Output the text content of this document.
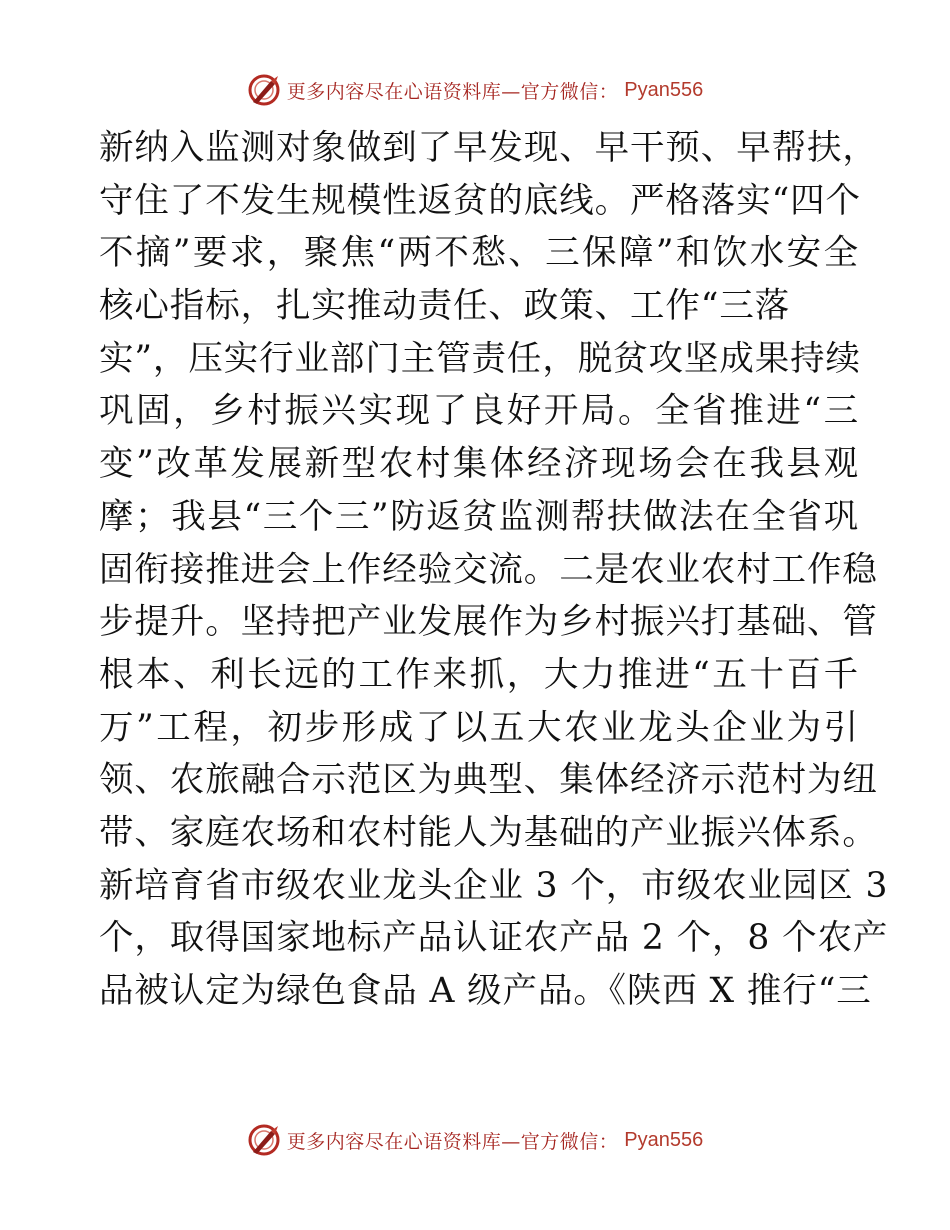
更多内容尽在心语资料库—官方微信： Pyan556
新纳入监测对象做到了早发现、早干预、早帮扶，
守住了不发生规模性返贫的底线。严格落实“四个
不摘”要求，聚焦“两不愁、三保障”和饮水安全
核心指标，扎实推动责任、政策、工作“三落
实”，压实行业部门主管责任，脱贫攻坚成果持续
巩固，乡村振兴实现了良好开局。全省推进“三
变”改革发展新型农村集体经济现场会在我县观
摩；我县“三个三”防返贫监测帮扶做法在全省巩
固衔接推进会上作经验交流。二是农业农村工作稳
步提升。坚持把产业发展作为乡村振兴打基础、管
根本、利长远的工作来抓，大力推进“五十百千
万”工程，初步形成了以五大农业龙头企业为引
领、农旅融合示范区为典型、集体经济示范村为纽
带、家庭农场和农村能人为基础的产业振兴体系。
新培育省市级农业龙头企业 3 个，市级农业园区 3
个，取得国家地标产品认证农产品 2 个，8 个农产
品被认定为绿色食品 A 级产品。《陕西 X 推行“三
更多内容尽在心语资料库—官方微信： Pyan556
